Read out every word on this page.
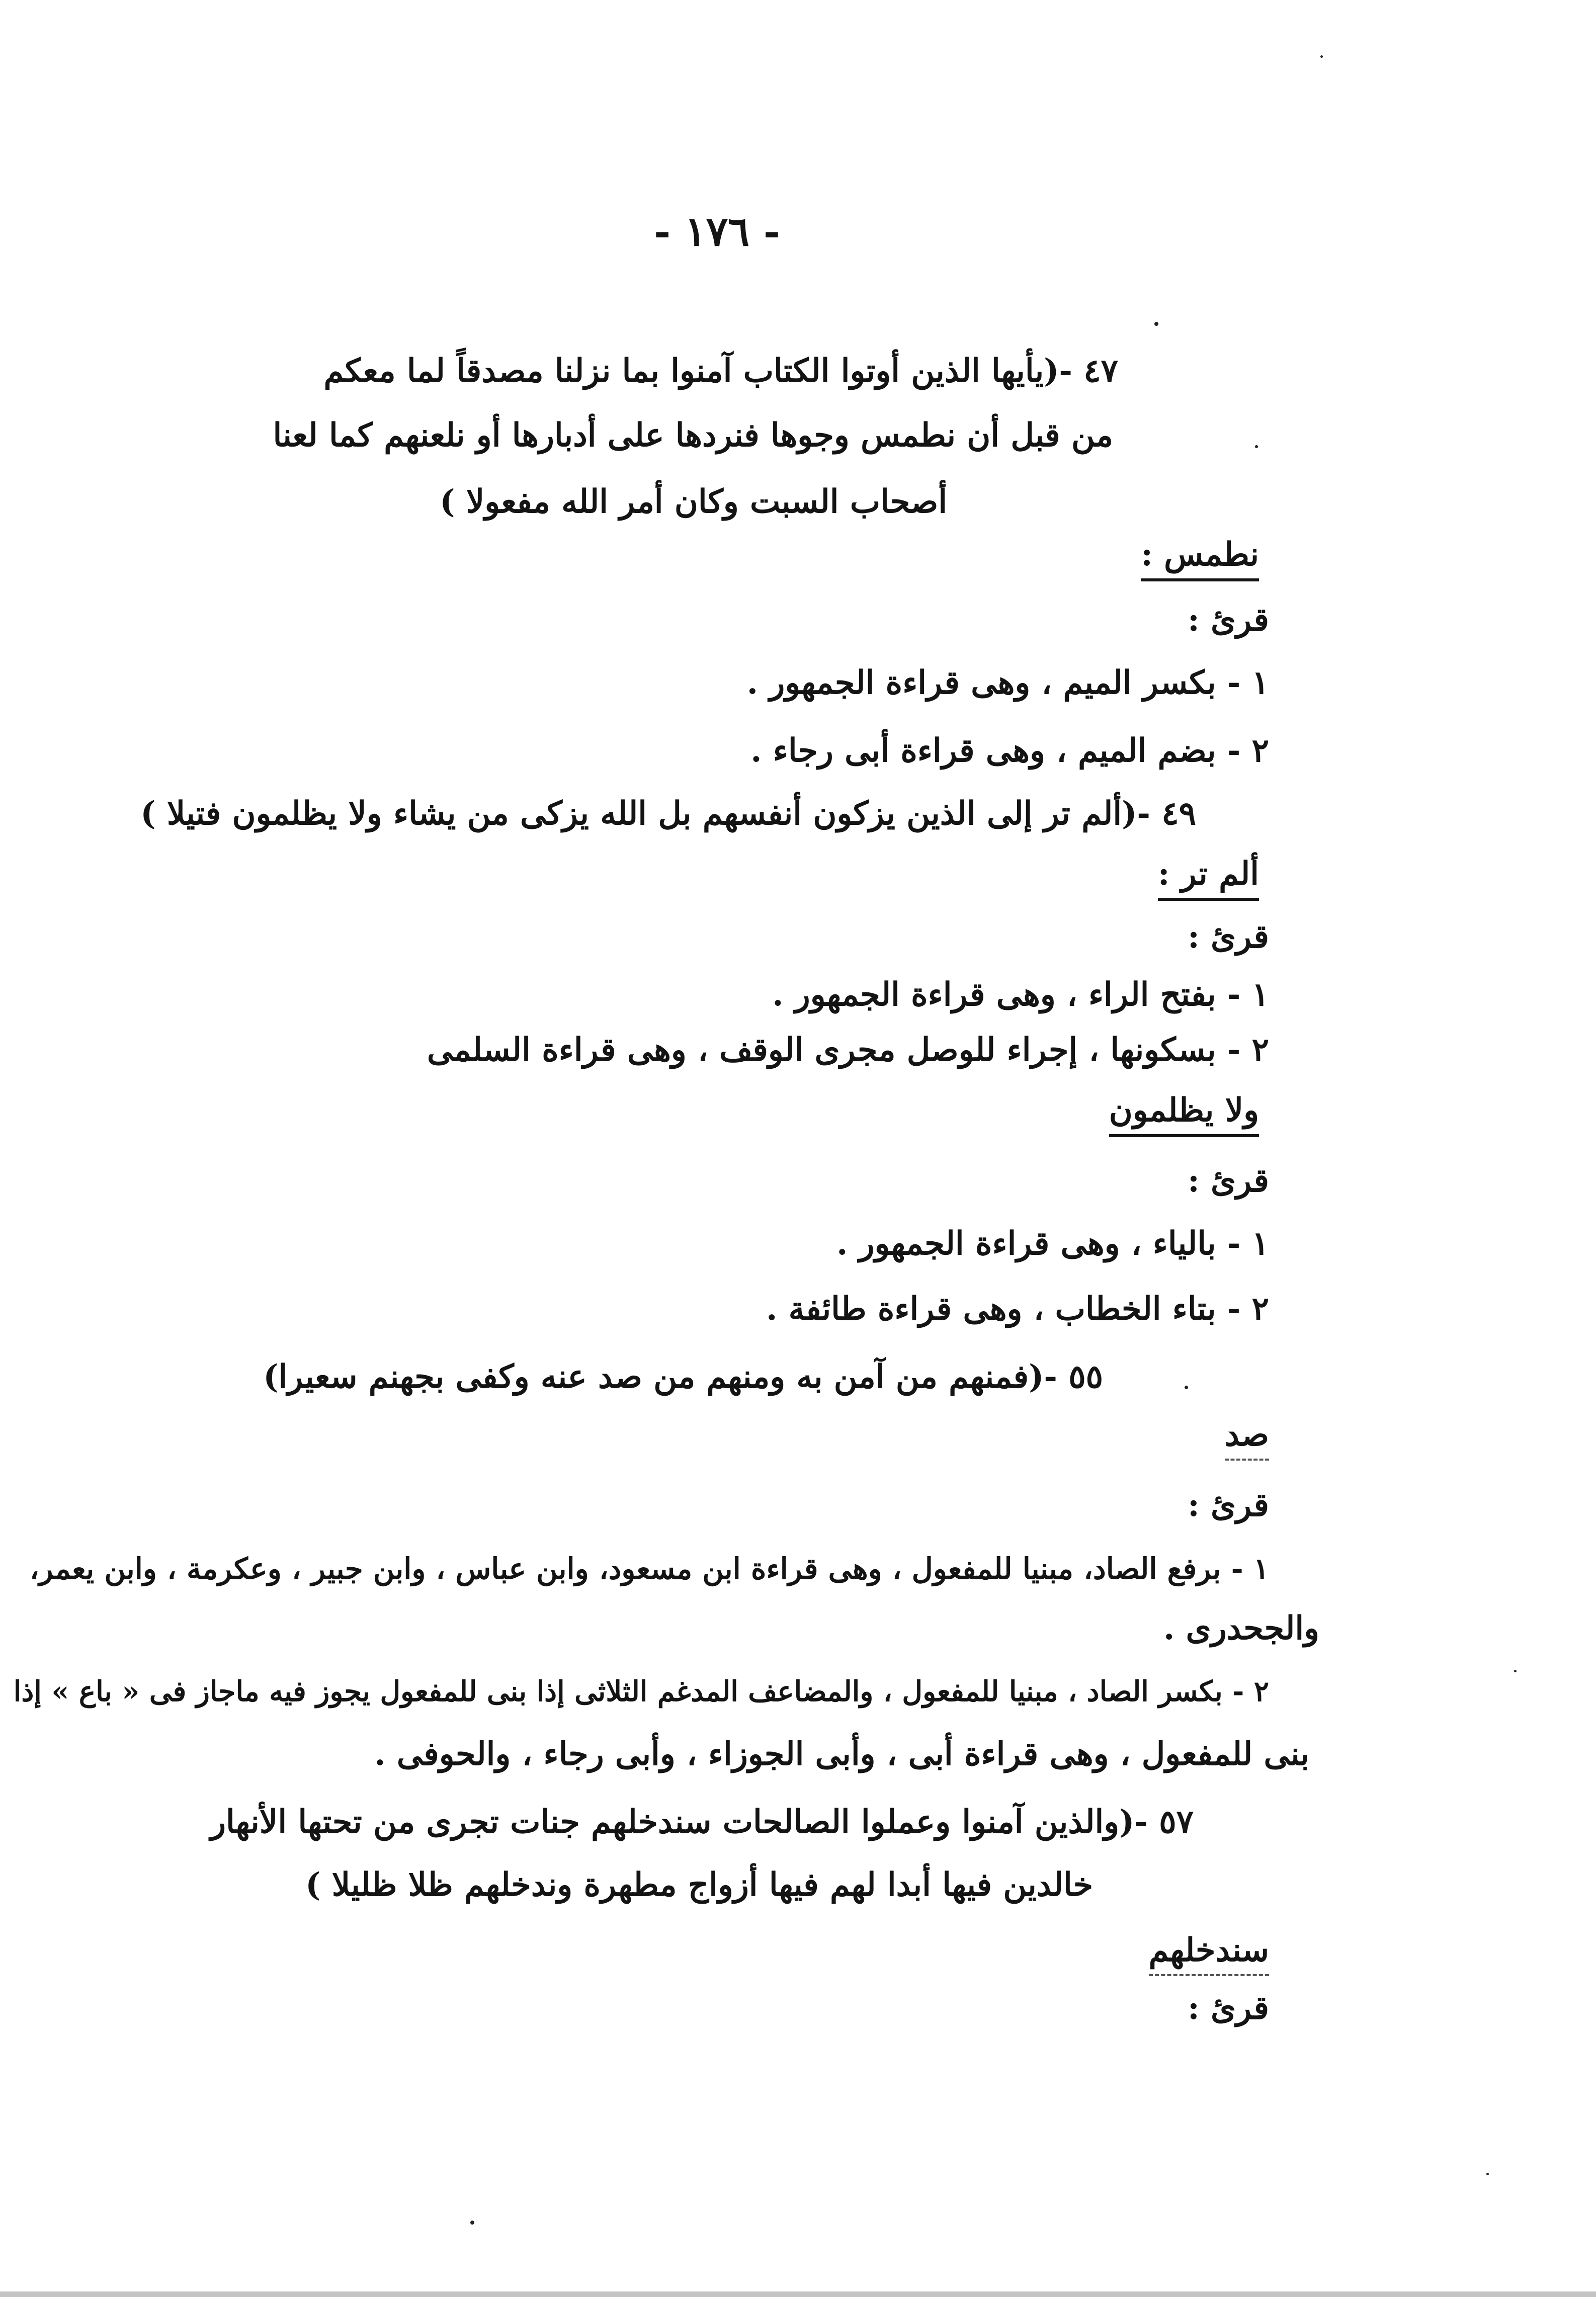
- ١٧٦ -
٤٧ -(يأيها الذين أوتوا الكتاب آمنوا بما نزلنا مصدقاً لما معكم
من قبل أن نطمس وجوها فنردها على أدبارها أو نلعنهم كما لعنا
أصحاب السبت وكان أمر الله مفعولا )
نطمس :
قرئ :
١ - بكسر الميم ، وهى قراءة الجمهور .
٢ - بضم الميم ، وهى قراءة أبى رجاء .
٤٩ -(ألم تر إلى الذين يزكون أنفسهم بل الله يزكى من يشاء ولا يظلمون فتيلا )
ألم تر :
قرئ :
١ - بفتح الراء ، وهى قراءة الجمهور .
٢ - بسكونها ، إجراء للوصل مجرى الوقف ، وهى قراءة السلمى
ولا يظلمون
قرئ :
١ - بالياء ، وهى قراءة الجمهور .
٢ - بتاء الخطاب ، وهى قراءة طائفة .
٥٥ -(فمنهم من آمن به ومنهم من صد عنه وكفى بجهنم سعيرا)
صد
قرئ :
١ - برفع الصاد، مبنيا للمفعول ، وهى قراءة ابن مسعود، وابن عباس ، وابن جبير ، وعكرمة ، وابن يعمر،
والجحدرى .
٢ - بكسر الصاد ، مبنيا للمفعول ، والمضاعف المدغم الثلاثى إذا بنى للمفعول يجوز فيه ماجاز فى « باع » إذا
بنى للمفعول ، وهى قراءة أبى ، وأبى الجوزاء ، وأبى رجاء ، والحوفى .
٥٧ -(والذين آمنوا وعملوا الصالحات سندخلهم جنات تجرى من تحتها الأنهار
خالدين فيها أبدا لهم فيها أزواج مطهرة وندخلهم ظلا ظليلا )
سندخلهم
قرئ :
